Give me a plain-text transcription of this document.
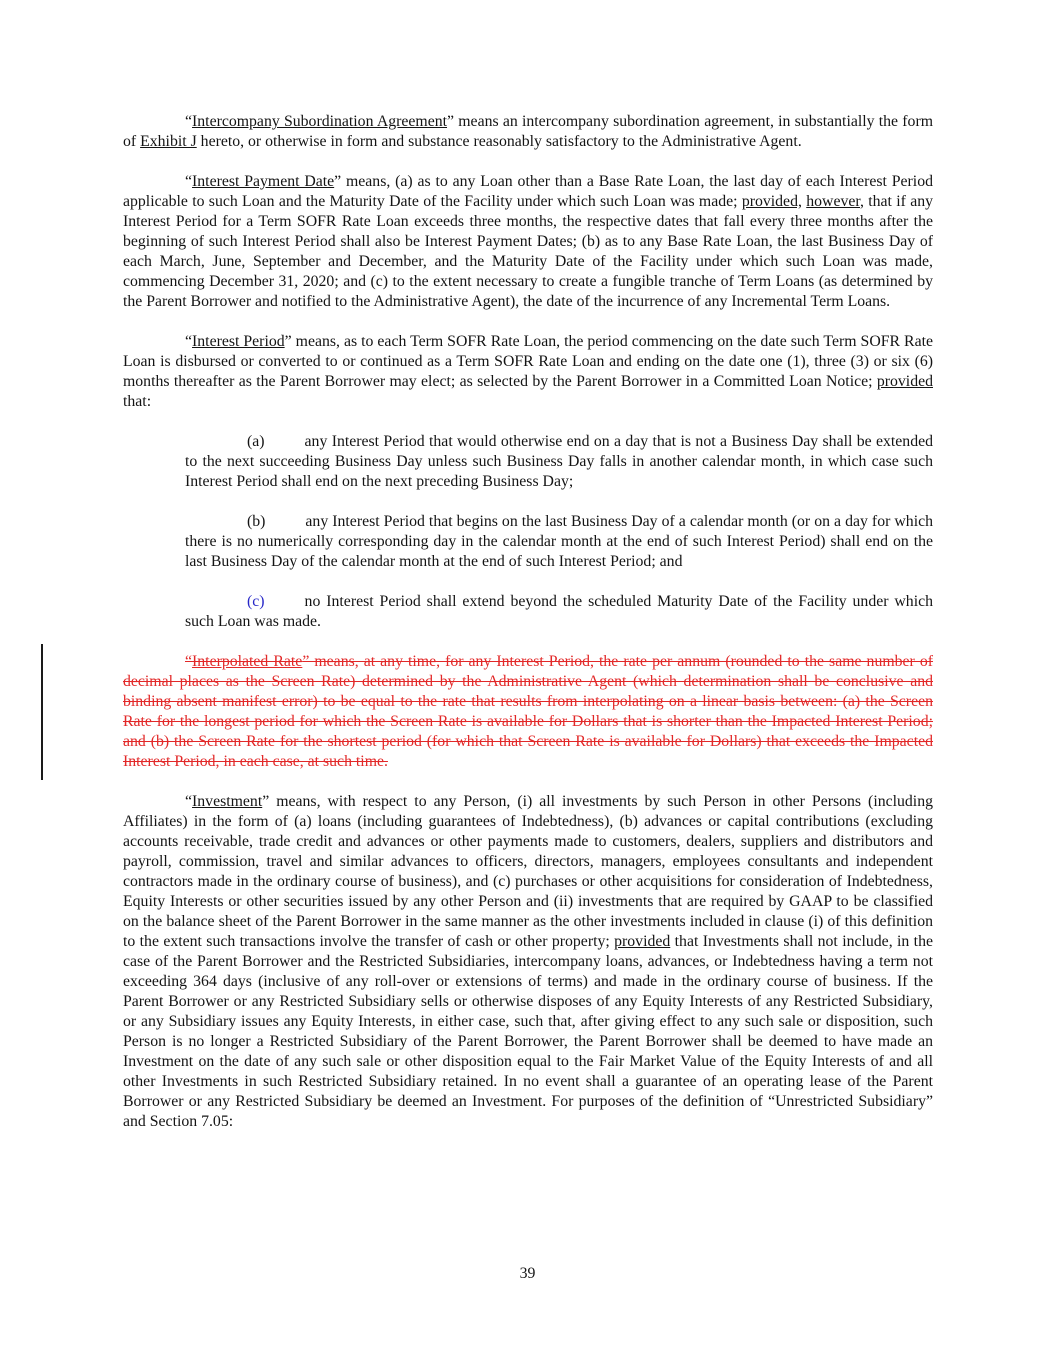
“Intercompany Subordination Agreement” means an intercompany subordination agreement, in substantially the form of Exhibit J hereto, or otherwise in form and substance reasonably satisfactory to the Administrative Agent.

“Interest Payment Date” means, (a) as to any Loan other than a Base Rate Loan, the last day of each Interest Period applicable to such Loan and the Maturity Date of the Facility under which such Loan was made; provided, however, that if any Interest Period for a Term SOFR Rate Loan exceeds three months, the respective dates that fall every three months after the beginning of such Interest Period shall also be Interest Payment Dates; (b) as to any Base Rate Loan, the last Business Day of each March, June, September and December, and the Maturity Date of the Facility under which such Loan was made, commencing December 31, 2020; and (c) to the extent necessary to create a fungible tranche of Term Loans (as determined by the Parent Borrower and notified to the Administrative Agent), the date of the incurrence of any Incremental Term Loans.

“Interest Period” means, as to each Term SOFR Rate Loan, the period commencing on the date such Term SOFR Rate Loan is disbursed or converted to or continued as a Term SOFR Rate Loan and ending on the date one (1), three (3) or six (6) months thereafter as the Parent Borrower may elect; as selected by the Parent Borrower in a Committed Loan Notice; provided that:

(a)	any Interest Period that would otherwise end on a day that is not a Business Day shall be extended to the next succeeding Business Day unless such Business Day falls in another calendar month, in which case such Interest Period shall end on the next preceding Business Day;

(b)	any Interest Period that begins on the last Business Day of a calendar month (or on a day for which there is no numerically corresponding day in the calendar month at the end of such Interest Period) shall end on the last Business Day of the calendar month at the end of such Interest Period; and

(c)	no Interest Period shall extend beyond the scheduled Maturity Date of the Facility under which such Loan was made.

“Interpolated Rate” means, at any time, for any Interest Period, the rate per annum (rounded to the same number of decimal places as the Screen Rate) determined by the Administrative Agent (which determination shall be conclusive and binding absent manifest error) to be equal to the rate that results from interpolating on a linear basis between: (a) the Screen Rate for the longest period for which the Screen Rate is available for Dollars that is shorter than the Impacted Interest Period; and (b) the Screen Rate for the shortest period (for which that Screen Rate is available for Dollars) that exceeds the Impacted Interest Period, in each case, at such time.

“Investment” means, with respect to any Person, (i) all investments by such Person in other Persons (including Affiliates) in the form of (a) loans (including guarantees of Indebtedness), (b) advances or capital contributions (excluding accounts receivable, trade credit and advances or other payments made to customers, dealers, suppliers and distributors and payroll, commission, travel and similar advances to officers, directors, managers, employees consultants and independent contractors made in the ordinary course of business), and (c) purchases or other acquisitions for consideration of Indebtedness, Equity Interests or other securities issued by any other Person and (ii) investments that are required by GAAP to be classified on the balance sheet of the Parent Borrower in the same manner as the other investments included in clause (i) of this definition to the extent such transactions involve the transfer of cash or other property; provided that Investments shall not include, in the case of the Parent Borrower and the Restricted Subsidiaries, intercompany loans, advances, or Indebtedness having a term not exceeding 364 days (inclusive of any roll-over or extensions of terms) and made in the ordinary course of business. If the Parent Borrower or any Restricted Subsidiary sells or otherwise disposes of any Equity Interests of any Restricted Subsidiary, or any Subsidiary issues any Equity Interests, in either case, such that, after giving effect to any such sale or disposition, such Person is no longer a Restricted Subsidiary of the Parent Borrower, the Parent Borrower shall be deemed to have made an Investment on the date of any such sale or other disposition equal to the Fair Market Value of the Equity Interests of and all other Investments in such Restricted Subsidiary retained. In no event shall a guarantee of an operating lease of the Parent Borrower or any Restricted Subsidiary be deemed an Investment. For purposes of the definition of “Unrestricted Subsidiary” and Section 7.05:

39
